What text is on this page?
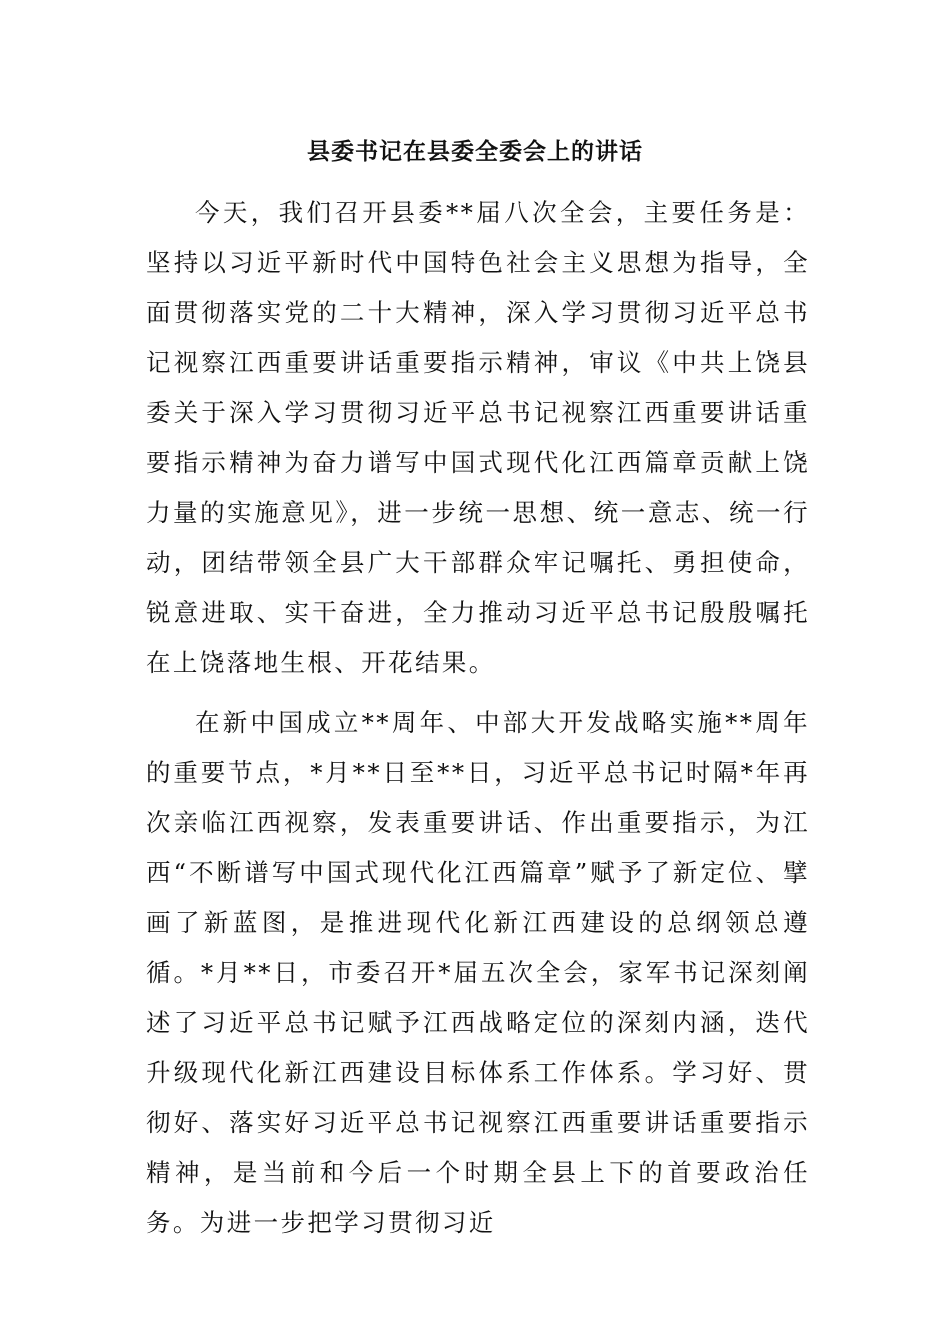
县委书记在县委全委会上的讲话

今天，我们召开县委**届八次全会，主要任务是：坚持以习近平新时代中国特色社会主义思想为指导，全面贯彻落实党的二十大精神，深入学习贯彻习近平总书记视察江西重要讲话重要指示精神，审议《中共上饶县委关于深入学习贯彻习近平总书记视察江西重要讲话重要指示精神为奋力谱写中国式现代化江西篇章贡献上饶力量的实施意见》，进一步统一思想、统一意志、统一行动，团结带领全县广大干部群众牢记嘱托、勇担使命，锐意进取、实干奋进，全力推动习近平总书记殷殷嘱托在上饶落地生根、开花结果。

在新中国成立**周年、中部大开发战略实施**周年的重要节点，*月**日至**日，习近平总书记时隔*年再次亲临江西视察，发表重要讲话、作出重要指示，为江西“不断谱写中国式现代化江西篇章”赋予了新定位、擘画了新蓝图，是推进现代化新江西建设的总纲领总遵循。*月**日，市委召开*届五次全会，家军书记深刻阐述了习近平总书记赋予江西战略定位的深刻内涵，迭代升级现代化新江西建设目标体系工作体系。学习好、贯彻好、落实好习近平总书记视察江西重要讲话重要指示精神，是当前和今后一个时期全县上下的首要政治任务。为进一步把学习贯彻习近
